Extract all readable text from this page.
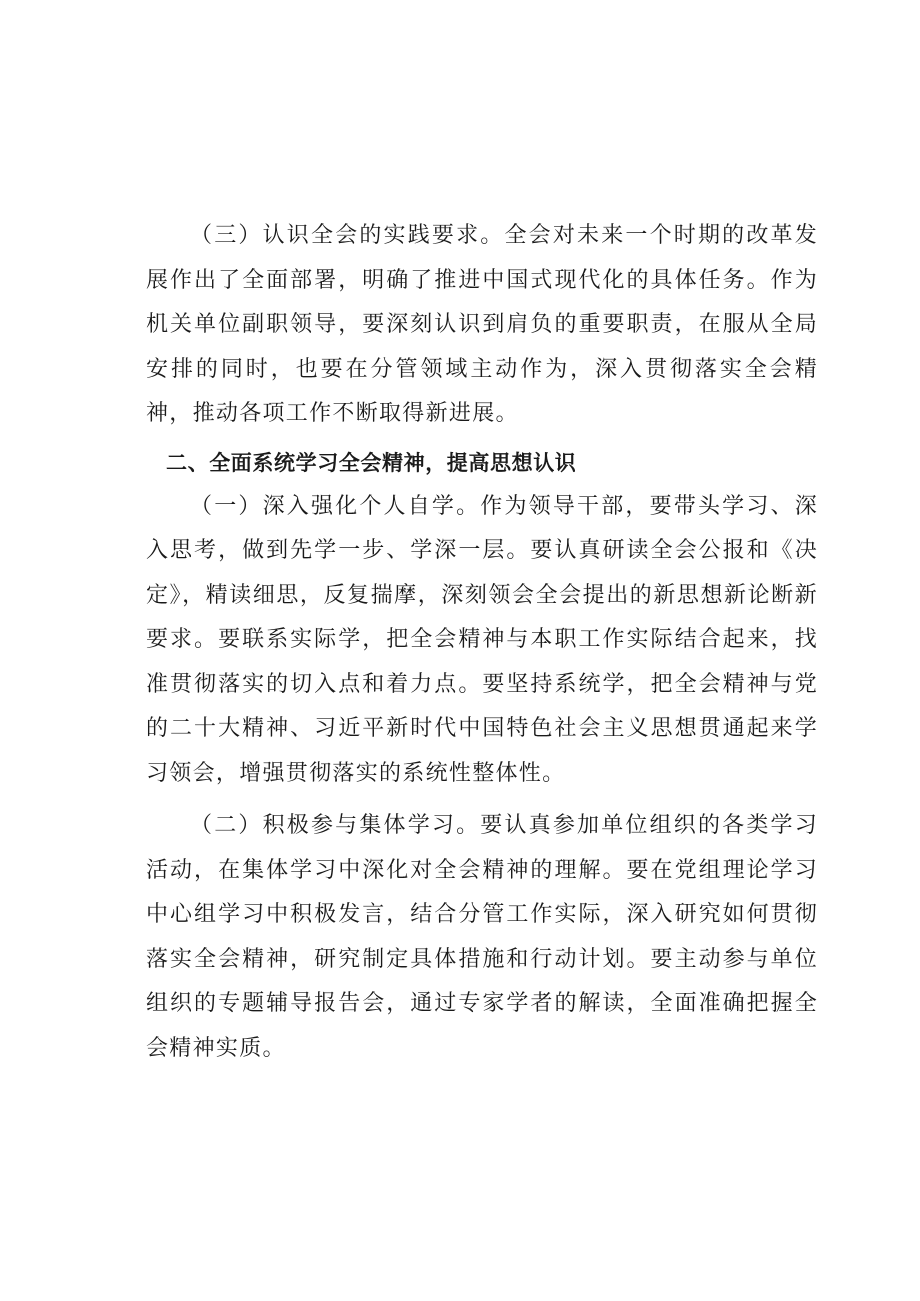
（三）认识全会的实践要求。全会对未来一个时期的改革发展作出了全面部署，明确了推进中国式现代化的具体任务。作为机关单位副职领导，要深刻认识到肩负的重要职责，在服从全局安排的同时，也要在分管领域主动作为，深入贯彻落实全会精神，推动各项工作不断取得新进展。

二、全面系统学习全会精神，提高思想认识

（一）深入强化个人自学。作为领导干部，要带头学习、深入思考，做到先学一步、学深一层。要认真研读全会公报和《决定》，精读细思，反复揣摩，深刻领会全会提出的新思想新论断新要求。要联系实际学，把全会精神与本职工作实际结合起来，找准贯彻落实的切入点和着力点。要坚持系统学，把全会精神与党的二十大精神、习近平新时代中国特色社会主义思想贯通起来学习领会，增强贯彻落实的系统性整体性。

（二）积极参与集体学习。要认真参加单位组织的各类学习活动，在集体学习中深化对全会精神的理解。要在党组理论学习中心组学习中积极发言，结合分管工作实际，深入研究如何贯彻落实全会精神，研究制定具体措施和行动计划。要主动参与单位组织的专题辅导报告会，通过专家学者的解读，全面准确把握全会精神实质。
